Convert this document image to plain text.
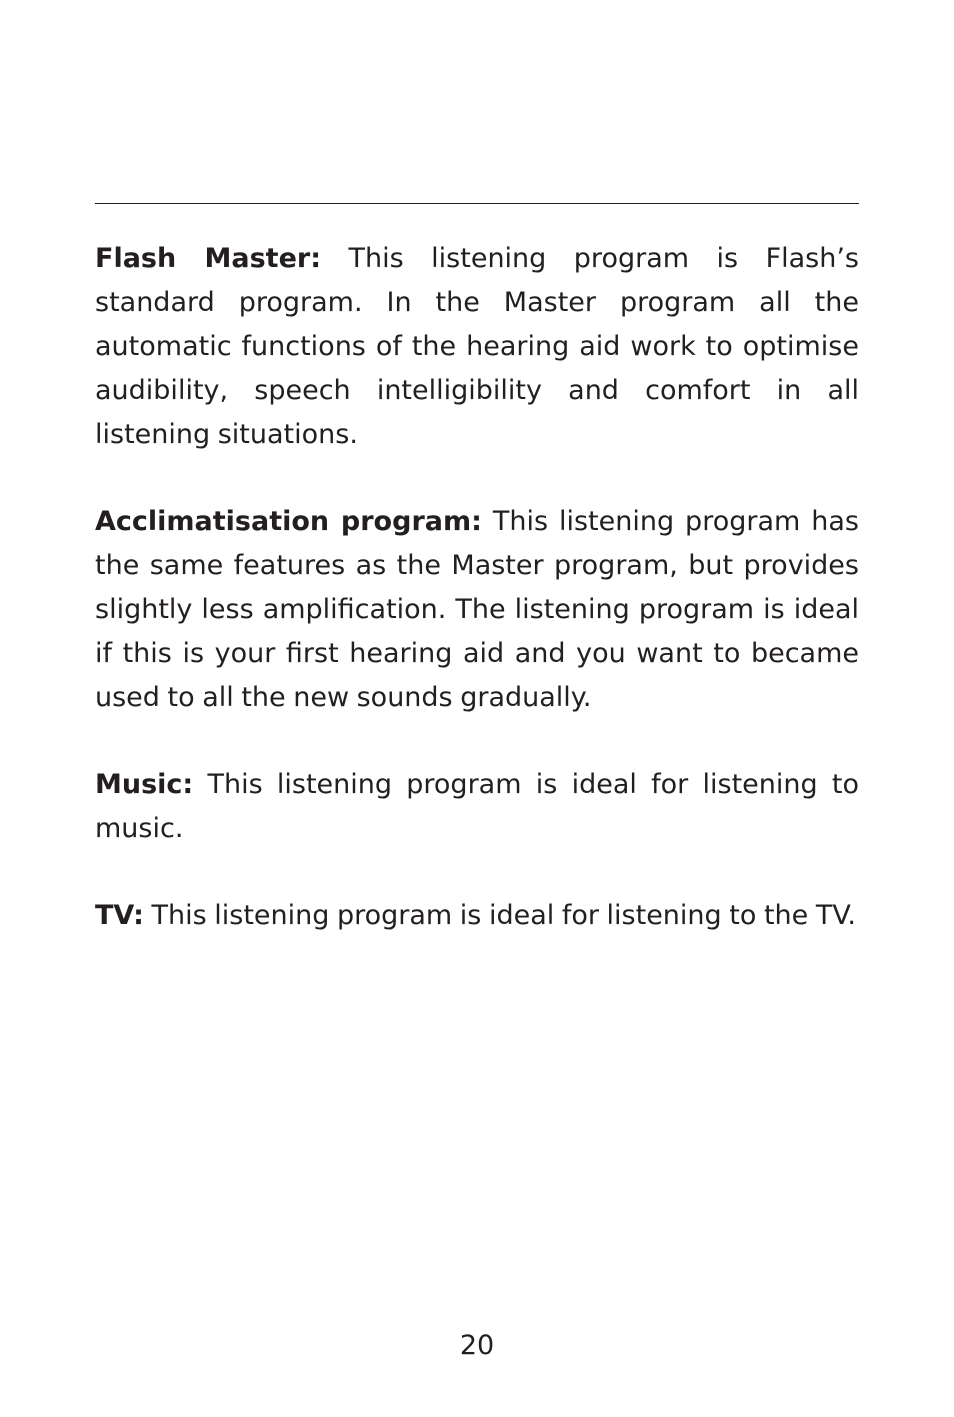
Flash Master: This listening program is Flash’s standard program. In the Master program all the automatic functions of the hearing aid work to optimise audibility, speech intelligibility and comfort in all listening situations.

Acclimatisation program: This listening program has the same features as the Master program, but provides slightly less amplification. The listening program is ideal if this is your first hearing aid and you want to became used to all the new sounds gradually.

Music: This listening program is ideal for listening to music.

TV: This listening program is ideal for listening to the TV.

20
